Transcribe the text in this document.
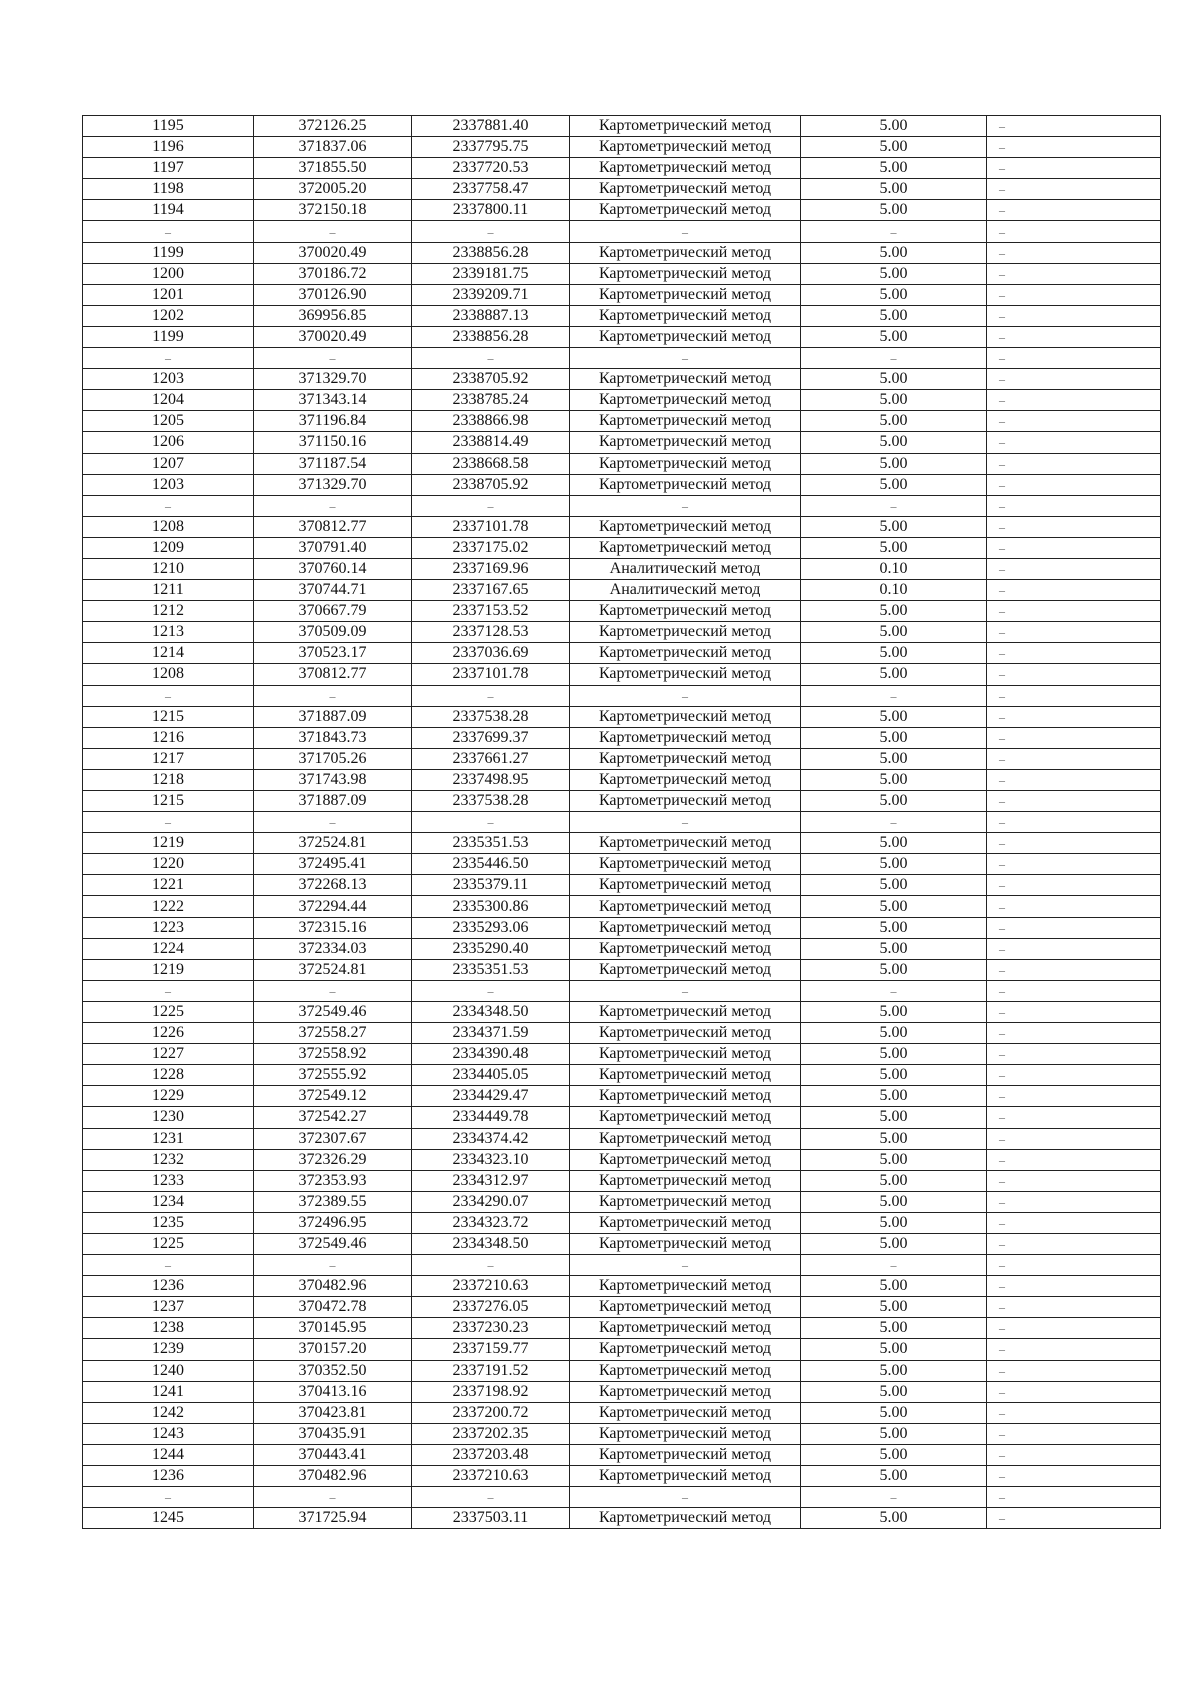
1195	372126.25	2337881.40	Картометрический метод	5.00	–
1196	371837.06	2337795.75	Картометрический метод	5.00	–
1197	371855.50	2337720.53	Картометрический метод	5.00	–
1198	372005.20	2337758.47	Картометрический метод	5.00	–
1194	372150.18	2337800.11	Картометрический метод	5.00	–
–	–	–	–	–	–
1199	370020.49	2338856.28	Картометрический метод	5.00	–
1200	370186.72	2339181.75	Картометрический метод	5.00	–
1201	370126.90	2339209.71	Картометрический метод	5.00	–
1202	369956.85	2338887.13	Картометрический метод	5.00	–
1199	370020.49	2338856.28	Картометрический метод	5.00	–
–	–	–	–	–	–
1203	371329.70	2338705.92	Картометрический метод	5.00	–
1204	371343.14	2338785.24	Картометрический метод	5.00	–
1205	371196.84	2338866.98	Картометрический метод	5.00	–
1206	371150.16	2338814.49	Картометрический метод	5.00	–
1207	371187.54	2338668.58	Картометрический метод	5.00	–
1203	371329.70	2338705.92	Картометрический метод	5.00	–
–	–	–	–	–	–
1208	370812.77	2337101.78	Картометрический метод	5.00	–
1209	370791.40	2337175.02	Картометрический метод	5.00	–
1210	370760.14	2337169.96	Аналитический метод	0.10	–
1211	370744.71	2337167.65	Аналитический метод	0.10	–
1212	370667.79	2337153.52	Картометрический метод	5.00	–
1213	370509.09	2337128.53	Картометрический метод	5.00	–
1214	370523.17	2337036.69	Картометрический метод	5.00	–
1208	370812.77	2337101.78	Картометрический метод	5.00	–
–	–	–	–	–	–
1215	371887.09	2337538.28	Картометрический метод	5.00	–
1216	371843.73	2337699.37	Картометрический метод	5.00	–
1217	371705.26	2337661.27	Картометрический метод	5.00	–
1218	371743.98	2337498.95	Картометрический метод	5.00	–
1215	371887.09	2337538.28	Картометрический метод	5.00	–
–	–	–	–	–	–
1219	372524.81	2335351.53	Картометрический метод	5.00	–
1220	372495.41	2335446.50	Картометрический метод	5.00	–
1221	372268.13	2335379.11	Картометрический метод	5.00	–
1222	372294.44	2335300.86	Картометрический метод	5.00	–
1223	372315.16	2335293.06	Картометрический метод	5.00	–
1224	372334.03	2335290.40	Картометрический метод	5.00	–
1219	372524.81	2335351.53	Картометрический метод	5.00	–
–	–	–	–	–	–
1225	372549.46	2334348.50	Картометрический метод	5.00	–
1226	372558.27	2334371.59	Картометрический метод	5.00	–
1227	372558.92	2334390.48	Картометрический метод	5.00	–
1228	372555.92	2334405.05	Картометрический метод	5.00	–
1229	372549.12	2334429.47	Картометрический метод	5.00	–
1230	372542.27	2334449.78	Картометрический метод	5.00	–
1231	372307.67	2334374.42	Картометрический метод	5.00	–
1232	372326.29	2334323.10	Картометрический метод	5.00	–
1233	372353.93	2334312.97	Картометрический метод	5.00	–
1234	372389.55	2334290.07	Картометрический метод	5.00	–
1235	372496.95	2334323.72	Картометрический метод	5.00	–
1225	372549.46	2334348.50	Картометрический метод	5.00	–
–	–	–	–	–	–
1236	370482.96	2337210.63	Картометрический метод	5.00	–
1237	370472.78	2337276.05	Картометрический метод	5.00	–
1238	370145.95	2337230.23	Картометрический метод	5.00	–
1239	370157.20	2337159.77	Картометрический метод	5.00	–
1240	370352.50	2337191.52	Картометрический метод	5.00	–
1241	370413.16	2337198.92	Картометрический метод	5.00	–
1242	370423.81	2337200.72	Картометрический метод	5.00	–
1243	370435.91	2337202.35	Картометрический метод	5.00	–
1244	370443.41	2337203.48	Картометрический метод	5.00	–
1236	370482.96	2337210.63	Картометрический метод	5.00	–
–	–	–	–	–	–
1245	371725.94	2337503.11	Картометрический метод	5.00	–
